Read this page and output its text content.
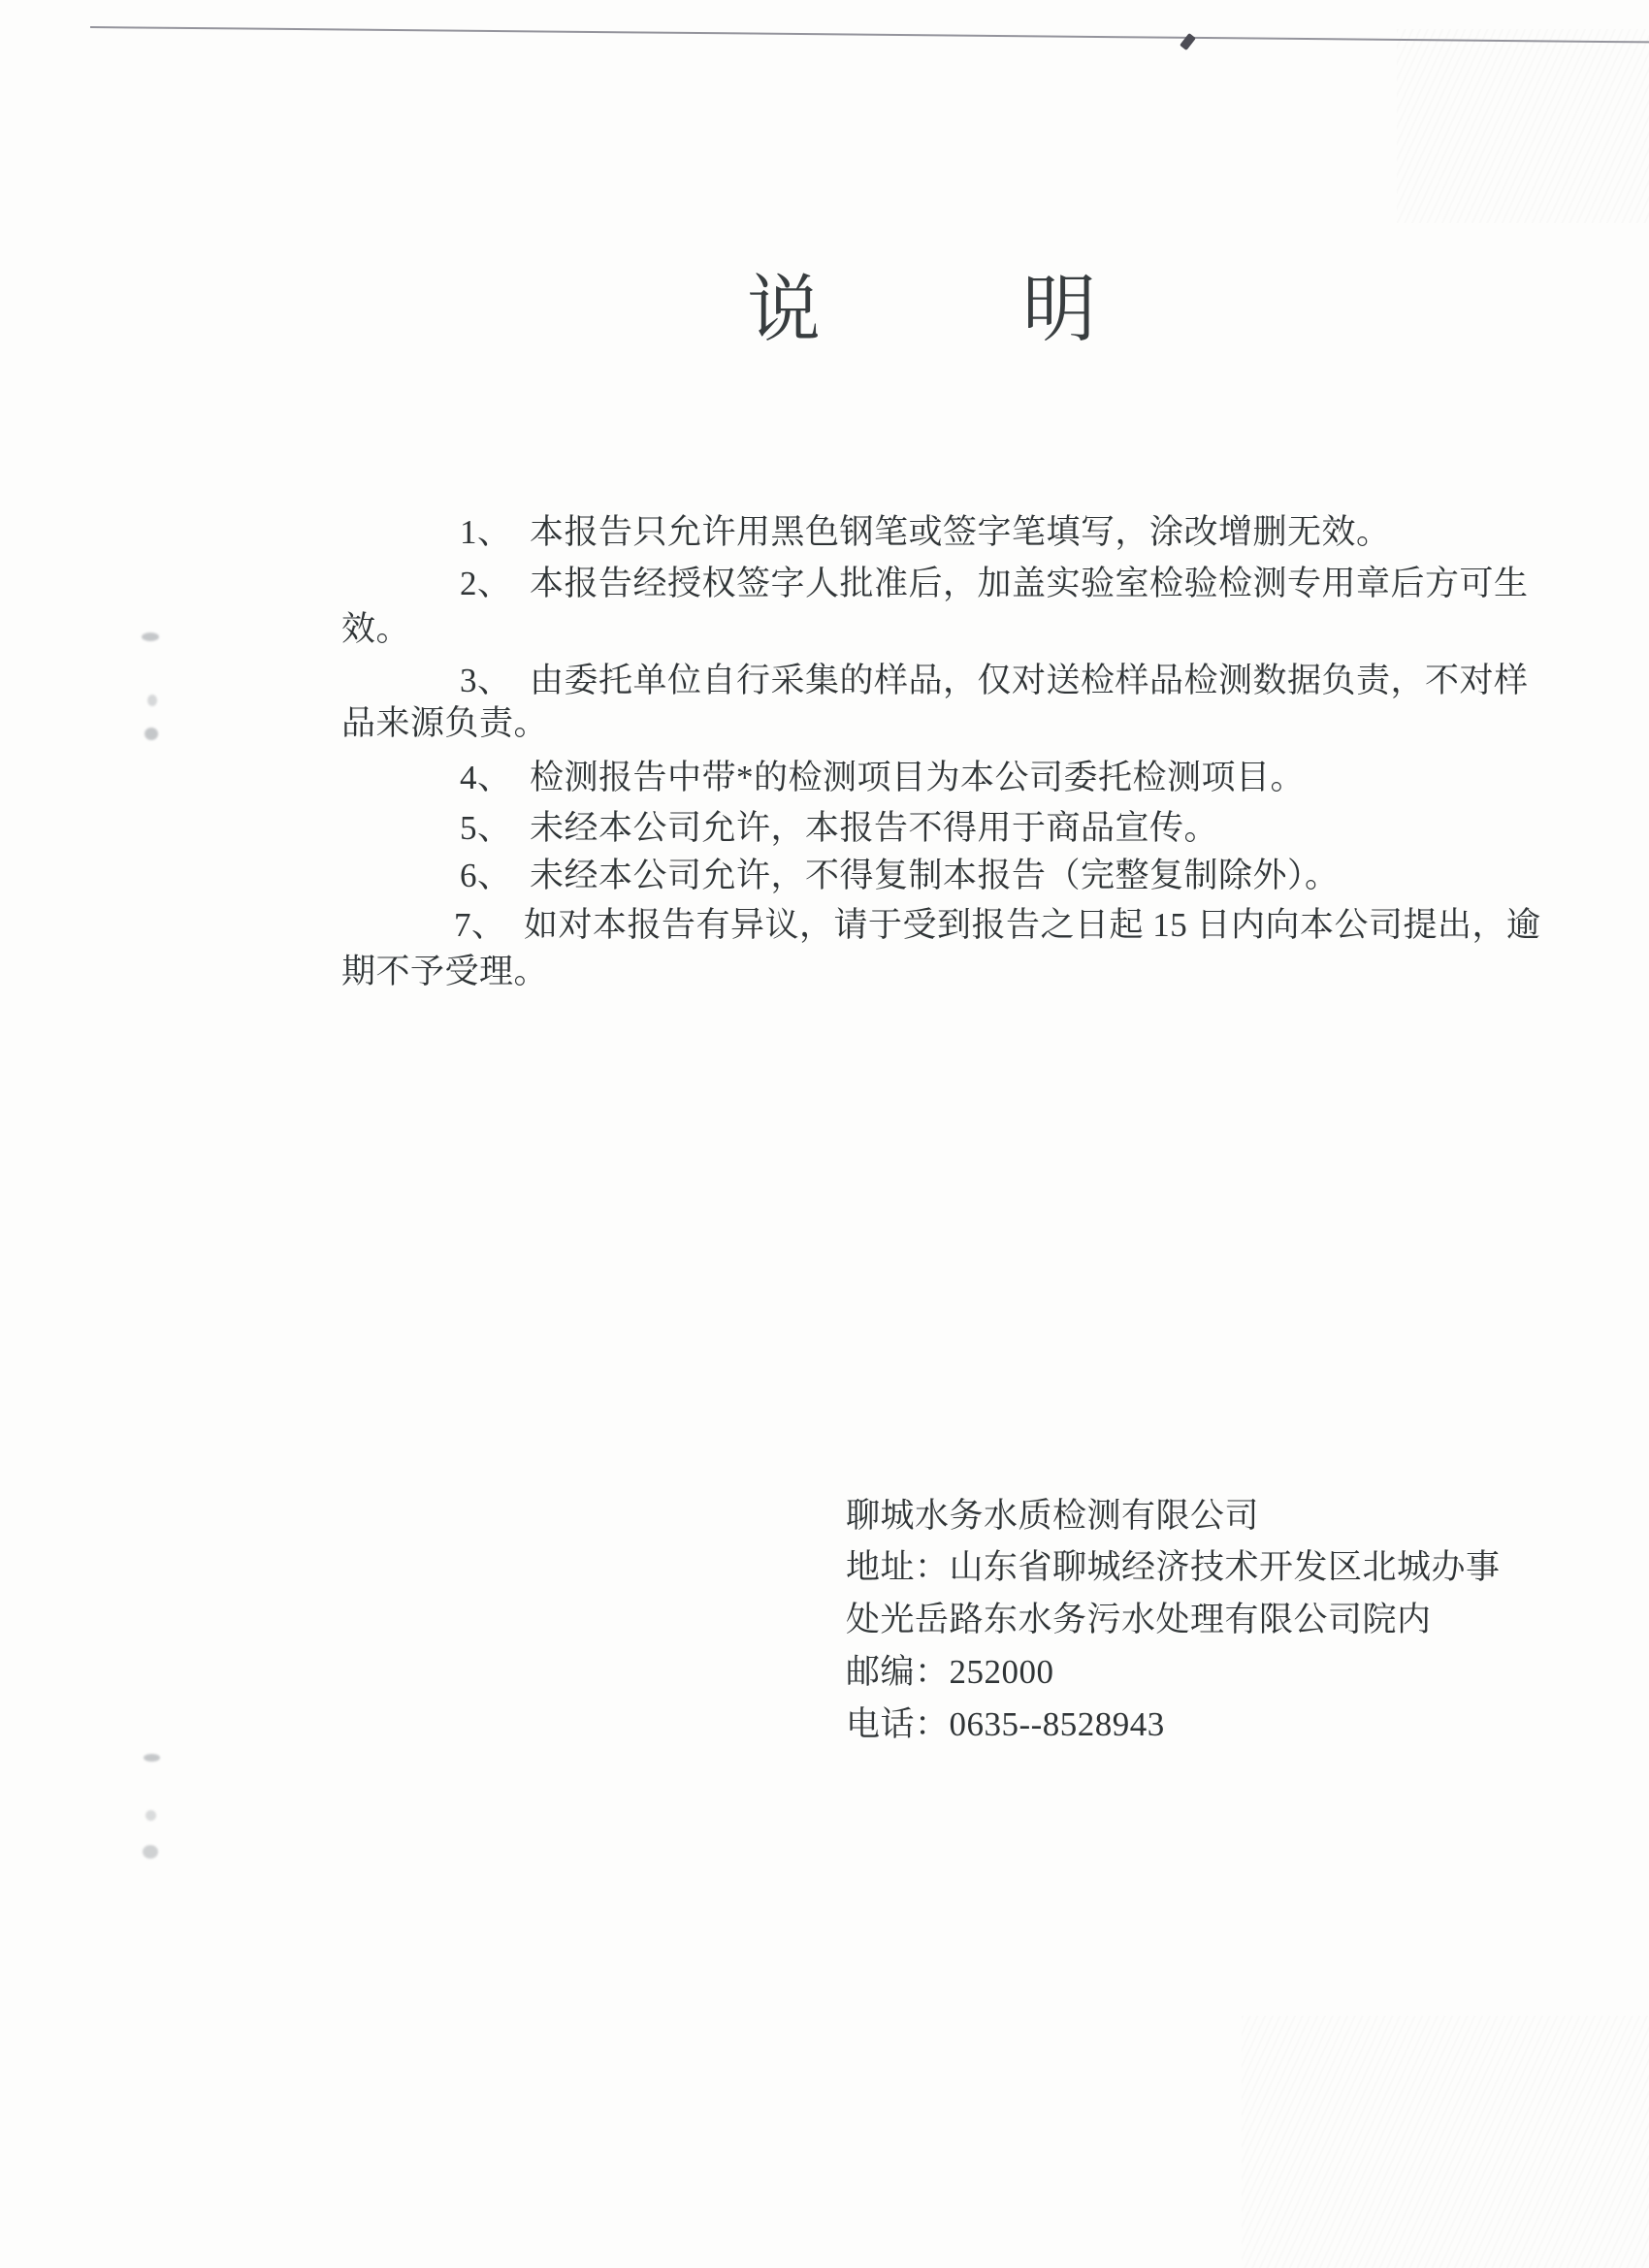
说	明
1、  本报告只允许用黑色钢笔或签字笔填写，涂改增删无效。
2、  本报告经授权签字人批准后，加盖实验室检验检测专用章后方可生
效。
3、  由委托单位自行采集的样品，仅对送检样品检测数据负责，不对样
品来源负责。
4、  检测报告中带*的检测项目为本公司委托检测项目。
5、  未经本公司允许，本报告不得用于商品宣传。
6、  未经本公司允许，不得复制本报告（完整复制除外）。
7、  如对本报告有异议，请于受到报告之日起 15 日内向本公司提出，逾
期不予受理。
聊城水务水质检测有限公司
地址：山东省聊城经济技术开发区北城办事
处光岳路东水务污水处理有限公司院内
邮编：252000
电话：0635--8528943
